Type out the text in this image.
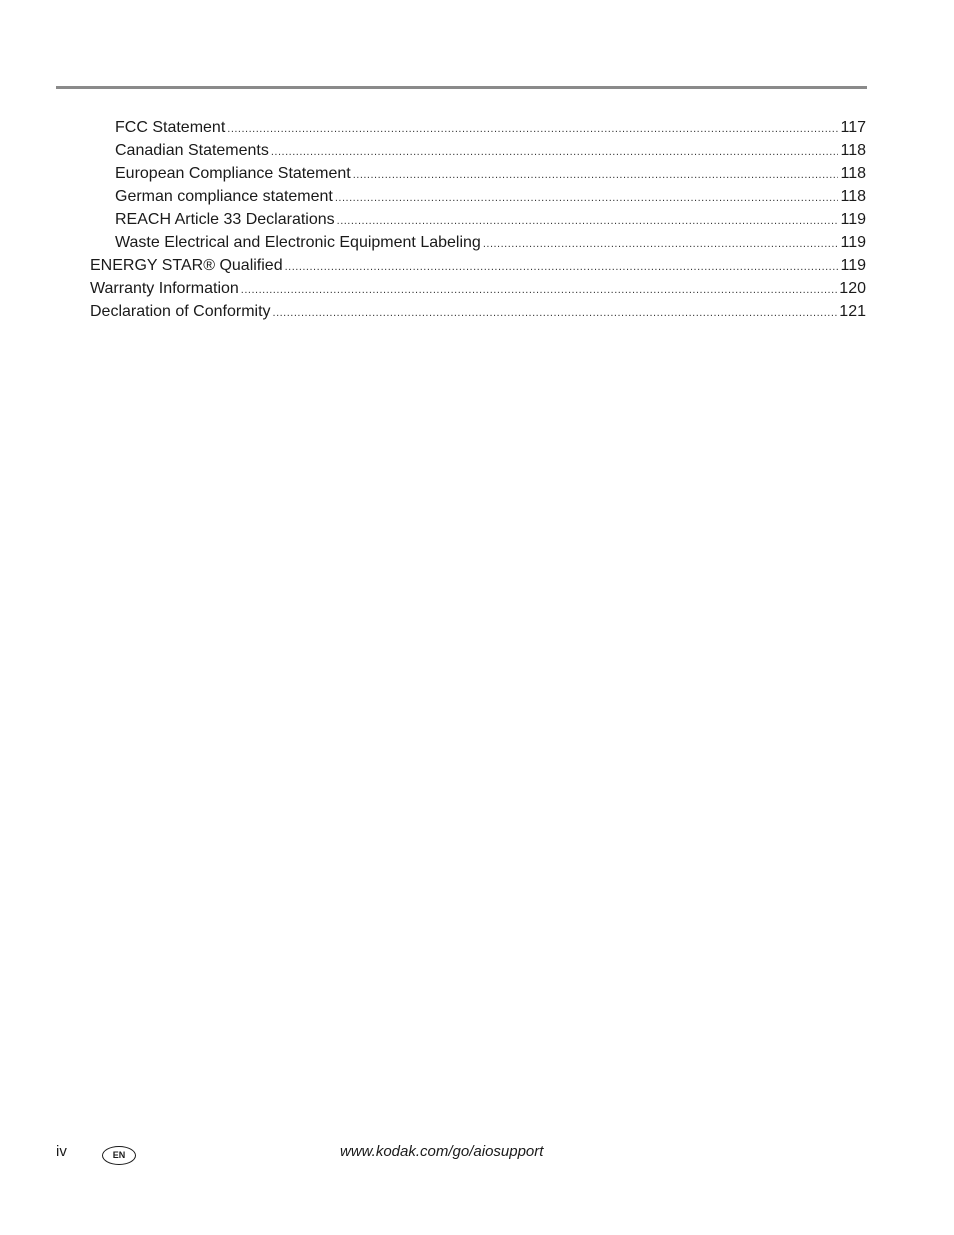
FCC Statement .....	117
Canadian Statements .....	118
European Compliance Statement .....	118
German compliance statement .....	118
REACH Article 33 Declarations .....	119
Waste Electrical and Electronic Equipment Labeling .....	119
ENERGY STAR® Qualified .....	119
Warranty Information .....	120
Declaration of Conformity .....	121
iv	EN	www.kodak.com/go/aiosupport
